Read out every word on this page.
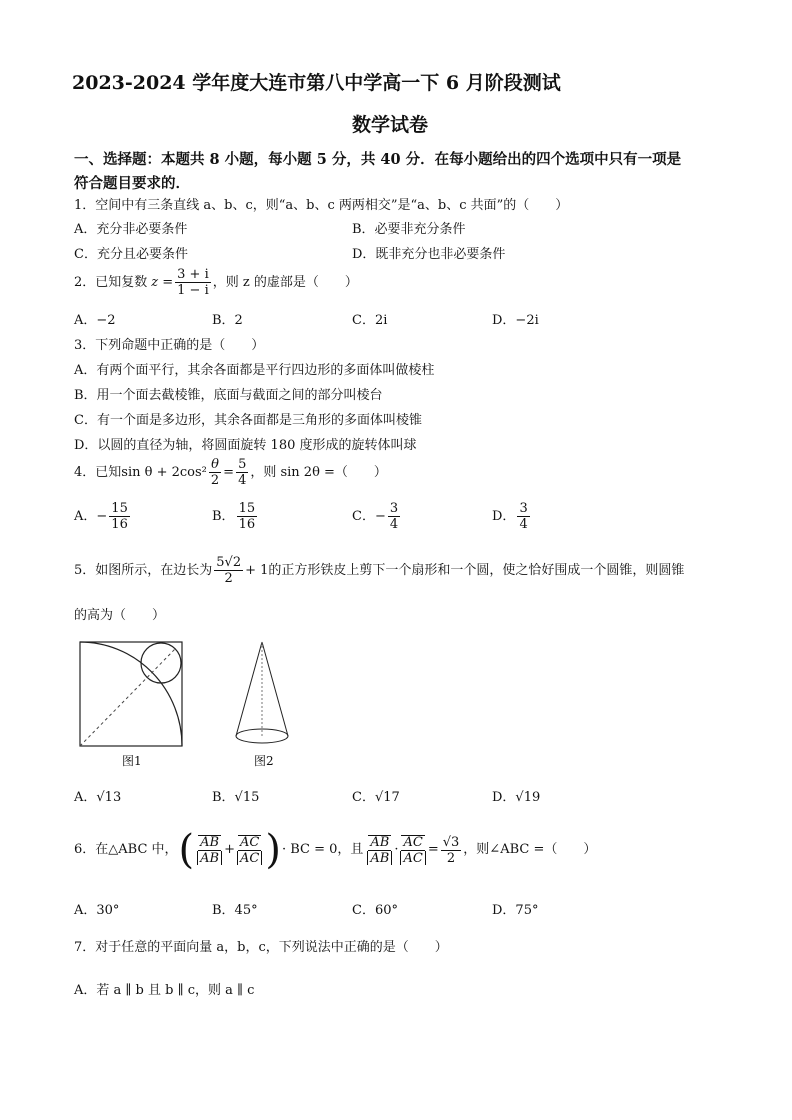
2023-2024 学年度大连市第八中学高一下 6 月阶段测试
数学试卷
一、选择题：本题共 8 小题，每小题 5 分，共 40 分．在每小题给出的四个选项中只有一项是
符合题目要求的．
1．空间中有三条直线 a、b、c，则“a、b、c 两两相交”是“a、b、c 共面”的（　　）
A．充分非必要条件	B．必要非充分条件
C．充分且必要条件	D．既非充分也非必要条件
2．已知复数 $z = \frac{3 + i}{1 - i}$ ，则 z 的虚部是（　　）
A．−2	B．2	C．2i	D．−2i
3．下列命题中正确的是（　　）
A．有两个面平行，其余各面都是平行四边形的多面体叫做棱柱
B．用一个面去截棱锥，底面与截面之间的部分叫棱台
C．有一个面是多边形，其余各面都是三角形的多面体叫棱锥
D．以圆的直径为轴，将圆面旋转 180 度形成的旋转体叫球
4．已知 $\sin \theta + 2\cos^2 \frac{\theta}{2} = \frac{5}{4}$ ，则 sin 2θ =（　　）
A． − $\frac{15}{16}$	B． $\frac{15}{16}$	C． − $\frac{3}{4}$	D． $\frac{3}{4}$
5．如图所示，在边长为 $\frac{5√2}{2} + 1$ 的正方形铁皮上剪下一个扇形和一个圆，使之恰好围成一个圆锥，则圆锥
的高为（　　）
图1	图2
A．√13	B．√15	C．√17	D．√19
6．在△ABC 中， ( $\frac{AB}{AB} + \frac{AC}{AC}$ ) · BC = 0，且 $\frac{AB}{AB} \cdot \frac{AC}{AC} = \frac{√3}{2}$ ，则∠ABC =（　　）
A．30°	B．45°	C．60°	D．75°
7．对于任意的平面向量 a，b，c，下列说法中正确的是（　　）
A．若 a ∥ b 且 b ∥ c，则 a ∥ c
